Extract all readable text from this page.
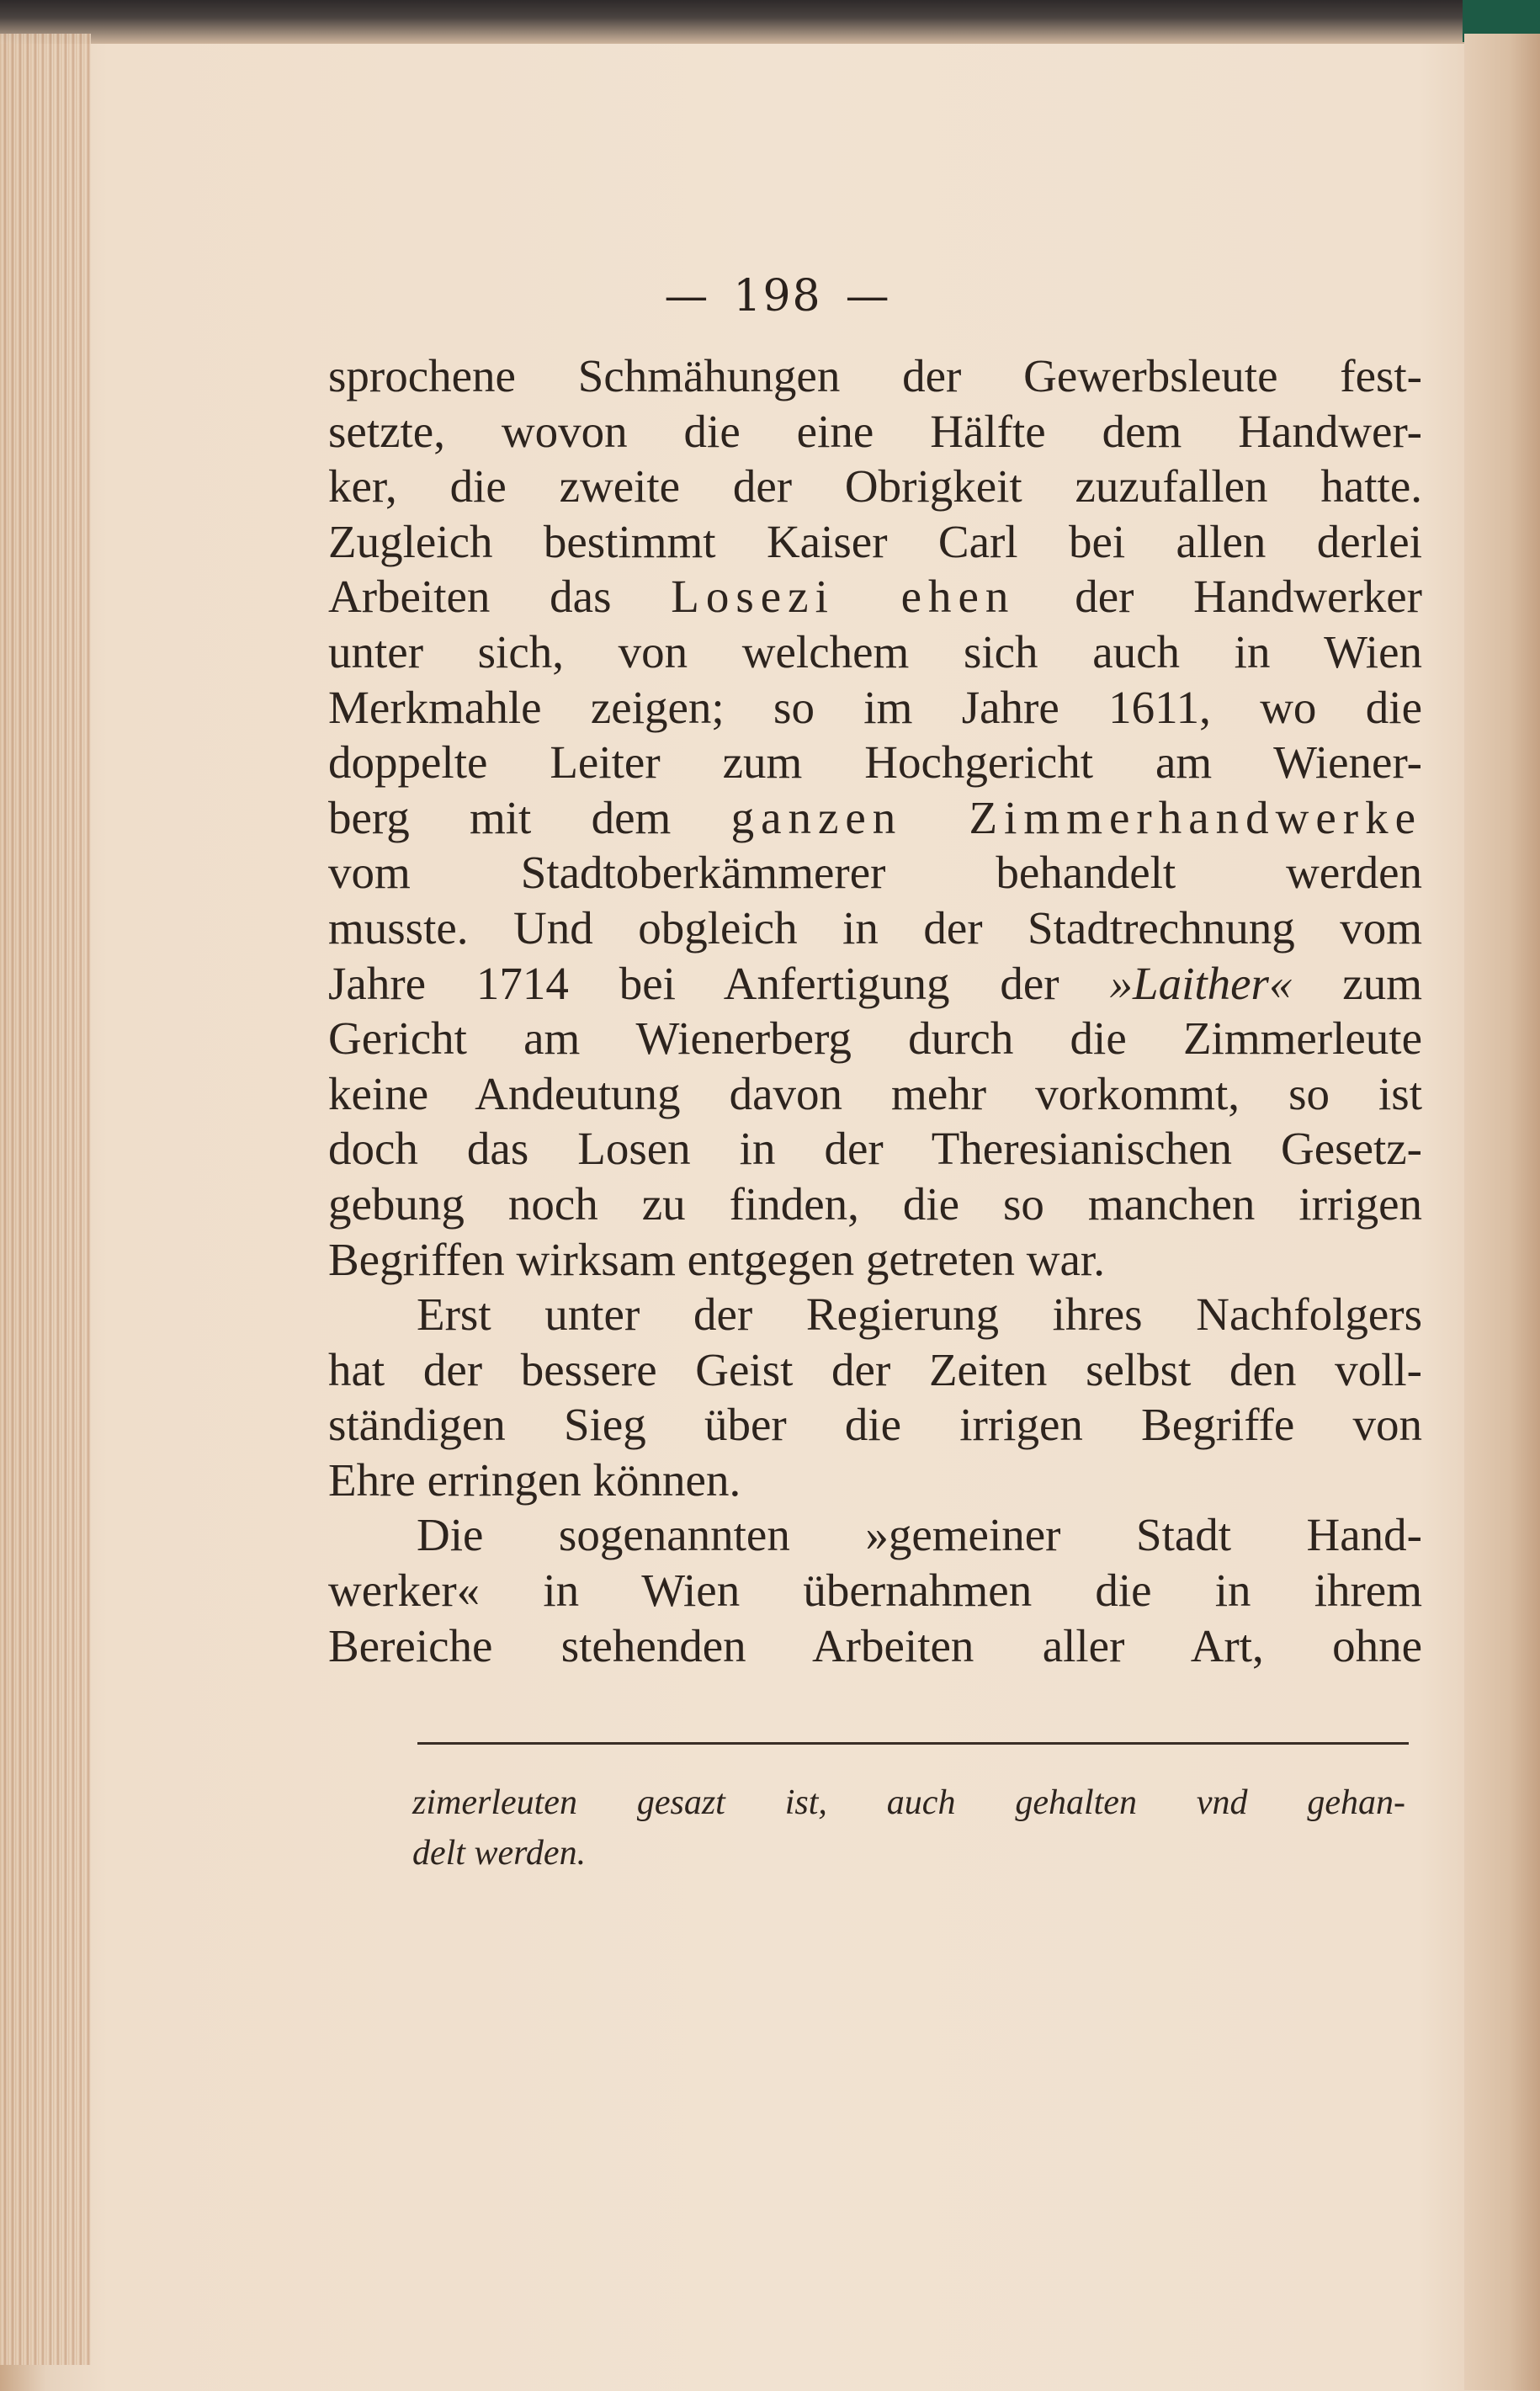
— 198 —
sprochene Schmähungen der Gewerbsleute fest-
setzte, wovon die eine Hälfte dem Handwer-
ker, die zweite der Obrigkeit zuzufallen hatte.
Zugleich bestimmt Kaiser Carl bei allen derlei
Arbeiten das Losezi ehen der Handwerker
unter sich, von welchem sich auch in Wien
Merkmahle zeigen; so im Jahre 1611, wo die
doppelte Leiter zum Hochgericht am Wiener-
berg mit dem ganzen Zimmerhandwerke
vom Stadtoberkämmerer behandelt werden
musste. Und obgleich in der Stadtrechnung vom
Jahre 1714 bei Anfertigung der »Laither« zum
Gericht am Wienerberg durch die Zimmerleute
keine Andeutung davon mehr vorkommt, so ist
doch das Losen in der Theresianischen Gesetz-
gebung noch zu finden, die so manchen irrigen
Begriffen wirksam entgegen getreten war.
Erst unter der Regierung ihres Nachfolgers
hat der bessere Geist der Zeiten selbst den voll-
ständigen Sieg über die irrigen Begriffe von
Ehre erringen können.
Die sogenannten »gemeiner Stadt Hand-
werker« in Wien übernahmen die in ihrem
Bereiche stehenden Arbeiten aller Art, ohne
zimerleuten gesazt ist, auch gehalten vnd gehan-
delt werden.
